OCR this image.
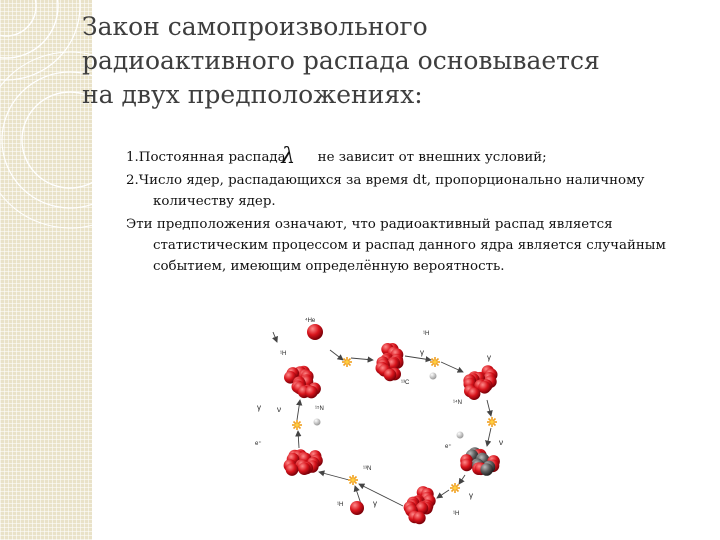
Закон самопроизвольного
радиоактивного распада основывается
на двух предположениях:

1.Постоянная распадаλ не зависит от внешних условий;

2.Число ядер, распадающихся за время dt, пропорционально наличному количеству ядер.

Эти предположения означают, что радиоактивный распад является статистическим процессом и распад данного ядра является случайным событием, имеющим определённую вероятность.

⁴He
¹H
¹H
γ
¹³C
¹⁴N
γ
ν
e⁺
γ
¹H
¹³N
¹H	γ
ν	¹⁵N
e⁺
γ
